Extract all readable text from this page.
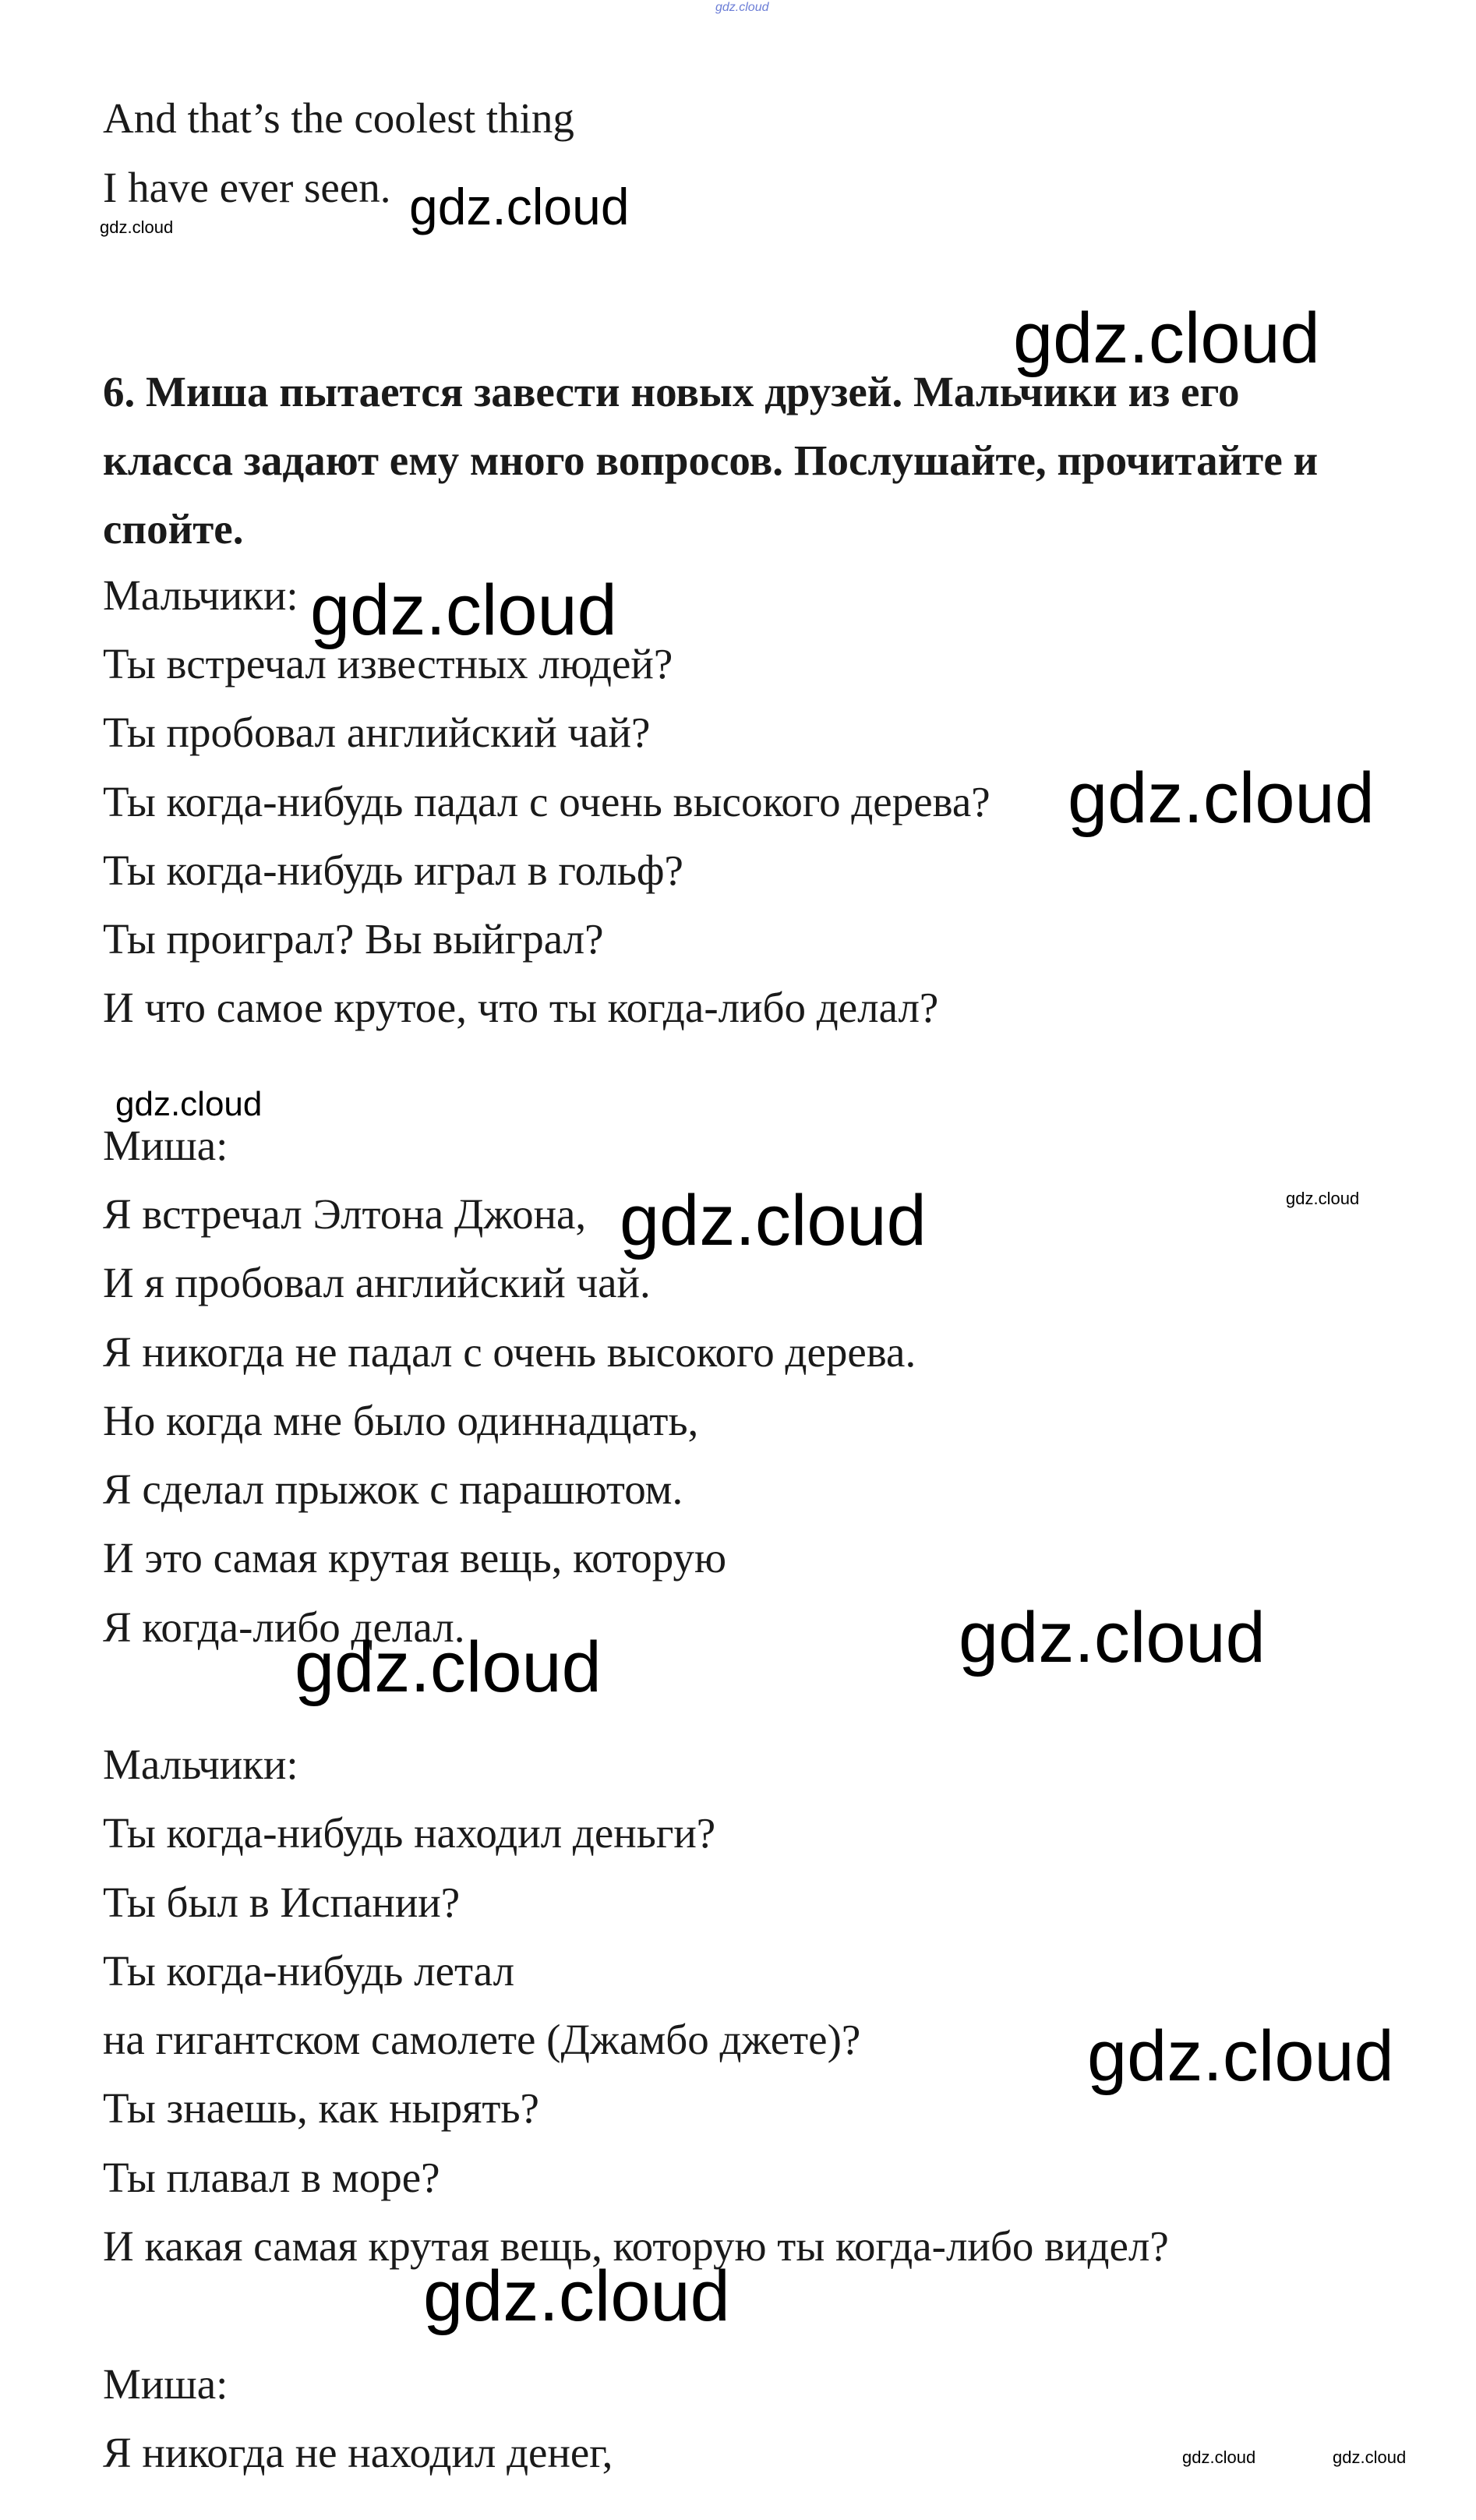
gdz.cloud
And that’s the coolest thing
I have ever seen.
6. Миша пытается завести новых друзей. Мальчики из его
класса задают ему много вопросов. Послушайте, прочитайте и
спойте.
Мальчики:
Ты встречал известных людей?
Ты пробовал английский чай?
Ты когда-нибудь падал с очень высокого дерева?
Ты когда-нибудь играл в гольф?
Ты проиграл? Вы выйграл?
И что самое крутое, что ты когда-либо делал?
Миша:
Я встречал Элтона Джона,
И я пробовал английский чай.
Я никогда не падал с очень высокого дерева.
Но когда мне было одиннадцать,
Я сделал прыжок с парашютом.
И это самая крутая вещь, которую
Я когда-либо делал.
Мальчики:
Ты когда-нибудь находил деньги?
Ты был в Испании?
Ты когда-нибудь летал
на гигантском самолете (Джамбо джете)?
Ты знаешь, как нырять?
Ты плавал в море?
И какая самая крутая вещь, которую ты когда-либо видел?
Миша:
Я никогда не находил денег,
gdz.cloud
gdz.cloud
gdz.cloud
gdz.cloud
gdz.cloud
gdz.cloud
gdz.cloud	gdz.cloud
gdz.cloud
gdz.cloud
gdz.cloud
gdz.cloud
gdz.cloud	gdz.cloud
